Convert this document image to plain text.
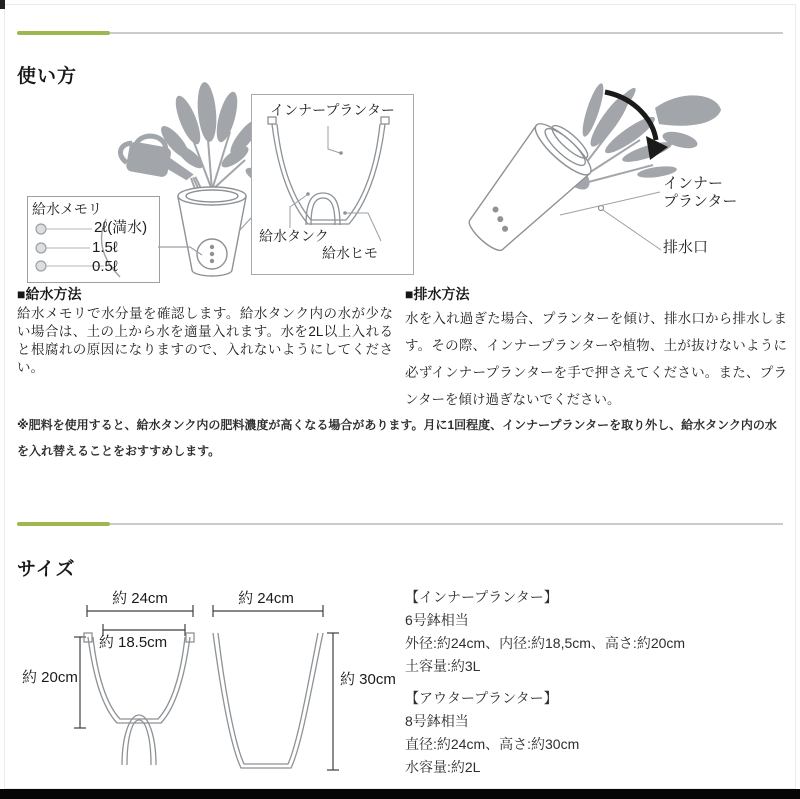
使い方
給水メモリ
2ℓ(満水)
1.5ℓ
0.5ℓ
インナープランター
給水タンク
給水ヒモ
インナー
プランター
排水口
■給水方法

給水メモリで水分量を確認します。給水タンク内の水が少ない場合は、土の上から水を適量入れます。水を2L以上入れると根腐れの原因になりますので、入れないようにしてください。

■排水方法

水を入れ過ぎた場合、プランターを傾け、排水口から排水します。その際、インナープランターや植物、土が抜けないように必ずインナープランターを手で押さえてください。また、プランターを傾け過ぎないでください。

※肥料を使用すると、給水タンク内の肥料濃度が高くなる場合があります。月に1回程度、インナープランターを取り外し、給水タンク内の水を入れ替えることをおすすめします。

サイズ
約 24cm
約 18.5cm
約 20cm
約 24cm
約 30cm
【インナープランター】
6号鉢相当
外径:約24cm、内径:約18,5cm、高さ:約20cm
土容量:約3L
【アウタープランター】
8号鉢相当
直径:約24cm、高さ:約30cm
水容量:約2L
